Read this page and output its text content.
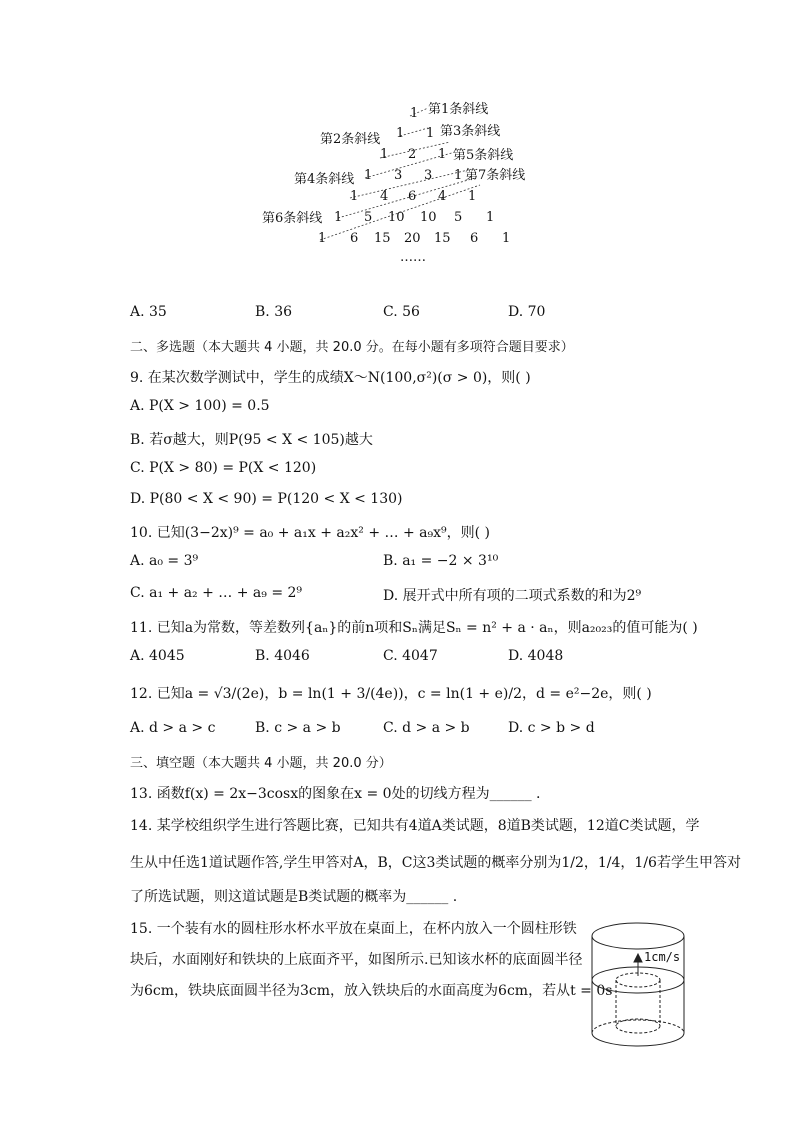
第1条斜线
第2条斜线
第3条斜线
第4条斜线
第5条斜线
第6条斜线
第7条斜线
1
1 1
1 2 1
1 3 3 1
1 4 6 4 1
1 5 10 10 5 1
1 6 15 20 15 6 1
……
A. 35	B. 36	C. 56	D. 70
二、多选题（本大题共 4 小题，共 20.0 分。在每小题有多项符合题目要求）
9. 在某次数学测试中，学生的成绩X～N(100,σ²)(σ > 0)，则( )
A. P(X > 100) = 0.5
B. 若σ越大，则P(95 < X < 105)越大
C. P(X > 80) = P(X < 120)
D. P(80 < X < 90) = P(120 < X < 130)
10. 已知(3−2x)⁹ = a₀ + a₁x + a₂x² + … + a₉x⁹，则( )
A. a₀ = 3⁹	B. a₁ = −2 × 3¹⁰
C. a₁ + a₂ + … + a₉ = 2⁹	D. 展开式中所有项的二项式系数的和为2⁹
11. 已知a为常数，等差数列{aₙ}的前n项和Sₙ满足Sₙ = n² + a · aₙ，则a₂₀₂₃的值可能为( )
A. 4045	B. 4046	C. 4047	D. 4048
12. 已知a = √3/(2e)，b = ln(1 + 3/(4e))，c = ln(1 + e)/2，d = e²−2e，则( )
A. d > a > c	B. c > a > b	C. d > a > b	D. c > b > d
三、填空题（本大题共 4 小题，共 20.0 分）
13. 函数f(x) = 2x−3cosx的图象在x = 0处的切线方程为______ .
14. 某学校组织学生进行答题比赛，已知共有4道A类试题，8道B类试题，12道C类试题，学
生从中任选1道试题作答,学生甲答对A，B，C这3类试题的概率分别为1/2，1/4，1/6若学生甲答对
了所选试题，则这道试题是B类试题的概率为______ .
15. 一个装有水的圆柱形水杯水平放在桌面上，在杯内放入一个圆柱形铁
块后，水面刚好和铁块的上底面齐平，如图所示.已知该水杯的底面圆半径
为6cm，铁块底面圆半径为3cm，放入铁块后的水面高度为6cm，若从t = 0s
1cm/s
